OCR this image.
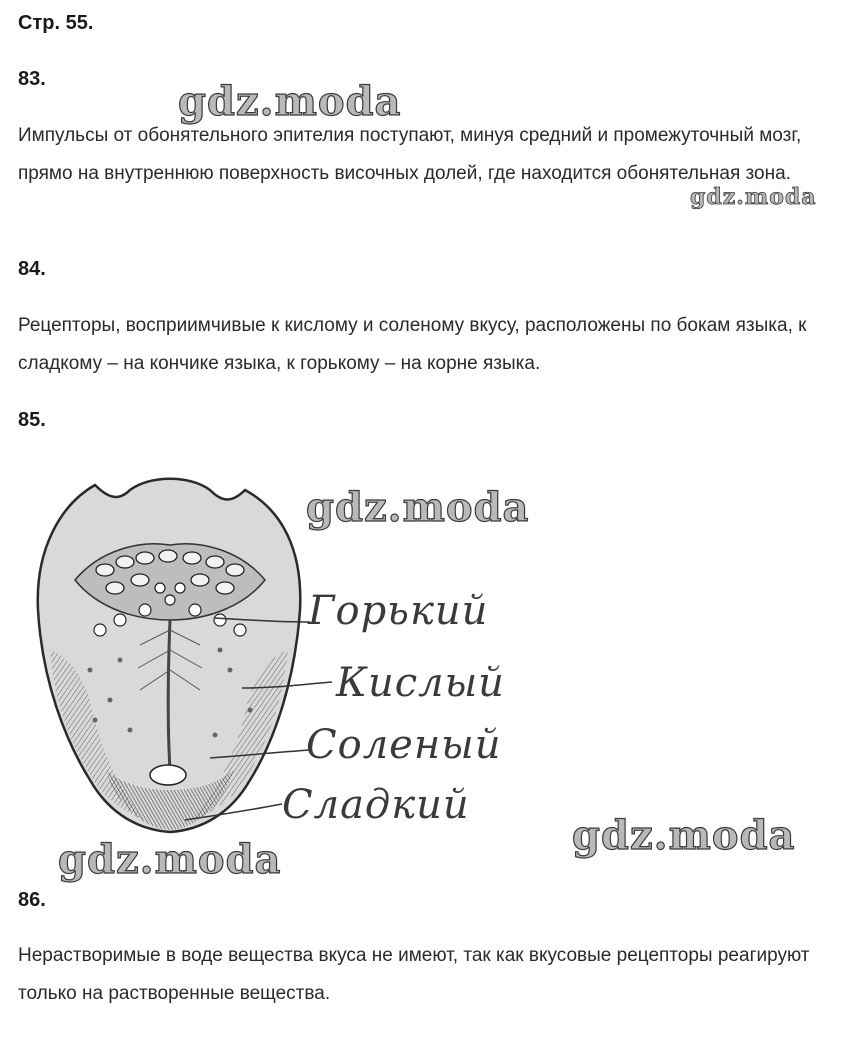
Стр. 55.
83.
Импульсы от обонятельного эпителия поступают, минуя средний и промежуточный мозг, прямо на внутреннюю поверхность височных долей, где находится обонятельная зона.
84.
Рецепторы, восприимчивые к кислому и соленому вкусу, расположены по бокам языка, к сладкому – на кончике языка, к горькому – на корне языка.
85.
Горький
Кислый
Соленый
Сладкий
86.
Нерастворимые в воде вещества вкуса не имеют, так как вкусовые рецепторы реагируют только на растворенные вещества.
gdz.moda
gdz.moda
gdz.moda
gdz.moda
gdz.moda
